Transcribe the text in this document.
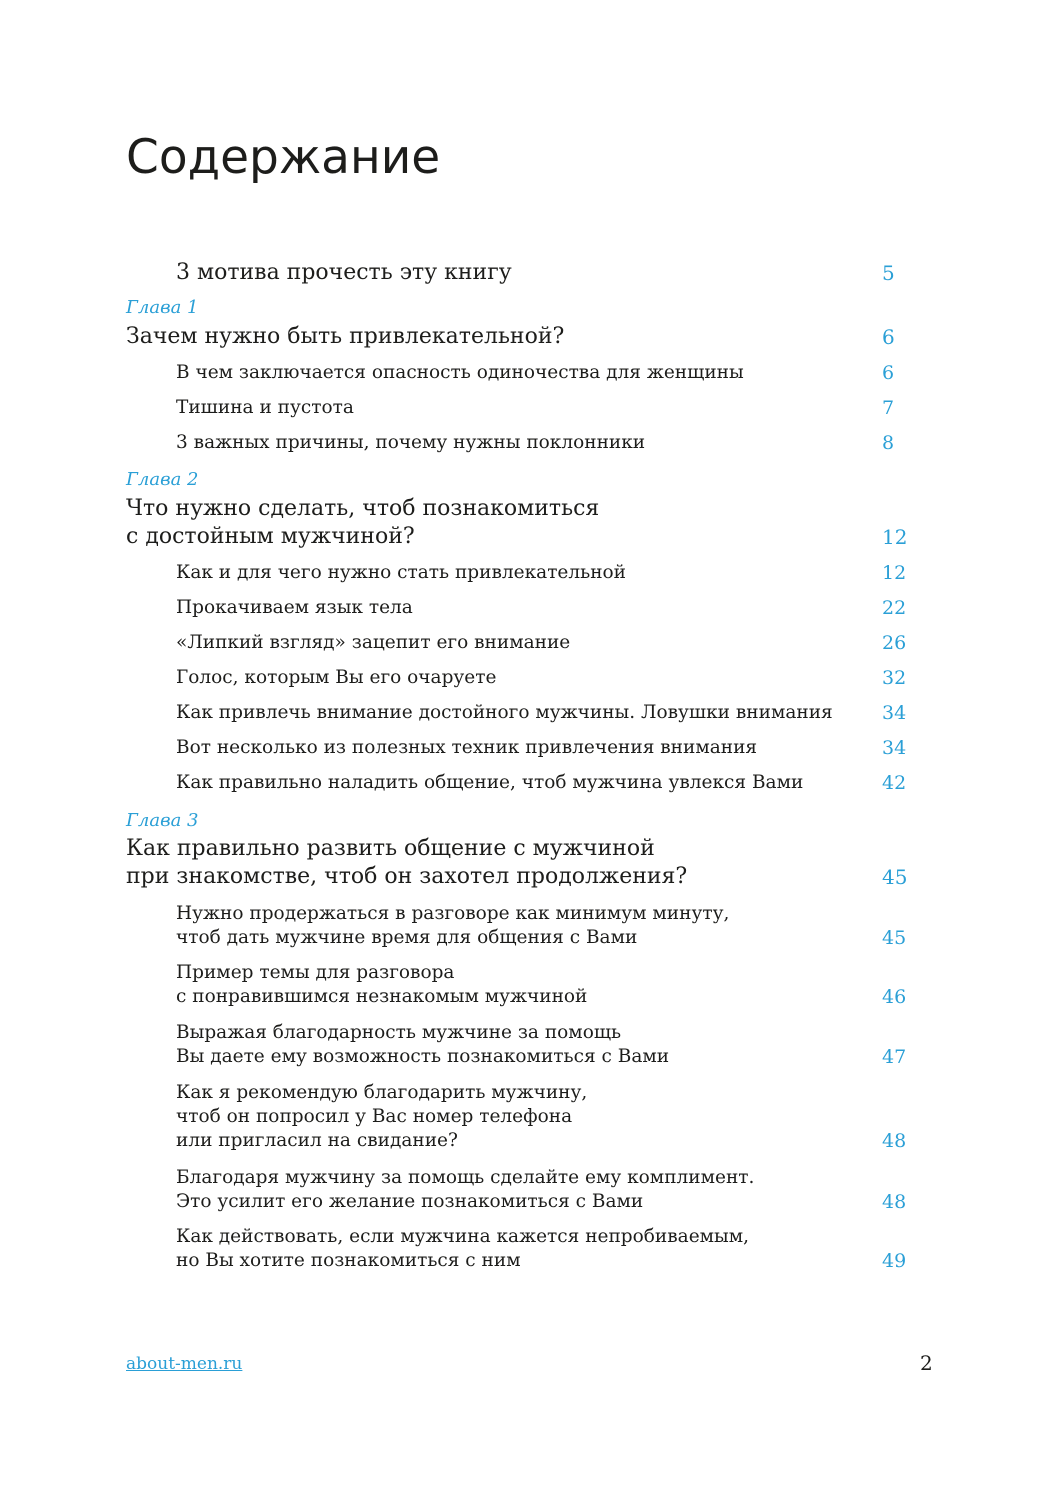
Содержание
3 мотива прочесть эту книгу	5
Глава 1
Зачем нужно быть привлекательной?	6
В чем заключается опасность одиночества для женщины	6
Тишина и пустота	7
3 важных причины, почему нужны поклонники	8
Глава 2
Что нужно сделать, чтоб познакомиться
с достойным мужчиной?	12
Как и для чего нужно стать привлекательной	12
Прокачиваем язык тела	22
«Липкий взгляд» зацепит его внимание	26
Голос, которым Вы его очаруете	32
Как привлечь внимание достойного мужчины. Ловушки внимания	34
Вот несколько из полезных техник привлечения внимания	34
Как правильно наладить общение, чтоб мужчина увлекся Вами	42
Глава 3
Как правильно развить общение с мужчиной
при знакомстве, чтоб он захотел продолжения?	45
Нужно продержаться в разговоре как минимум минуту,
чтоб дать мужчине время для общения с Вами	45
Пример темы для разговора
с понравившимся незнакомым мужчиной	46
Выражая благодарность мужчине за помощь
Вы даете ему возможность познакомиться с Вами	47
Как я рекомендую благодарить мужчину,
чтоб он попросил у Вас номер телефона
или пригласил на свидание?	48
Благодаря мужчину за помощь сделайте ему комплимент.
Это усилит его желание познакомиться с Вами	48
Как действовать, если мужчина кажется непробиваемым,
но Вы хотите познакомиться с ним	49
about-men.ru	2
